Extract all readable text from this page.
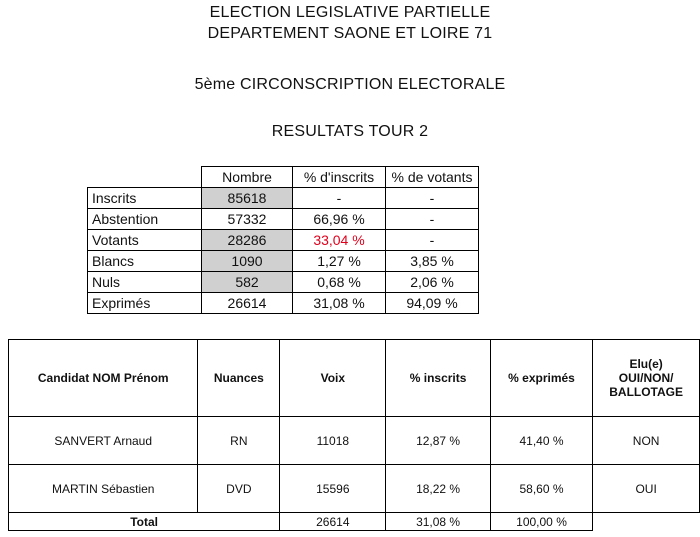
ELECTION LEGISLATIVE PARTIELLE
DEPARTEMENT SAONE ET LOIRE 71
5ème CIRCONSCRIPTION ELECTORALE
RESULTATS TOUR 2
	Nombre	% d'inscrits	% de votants
Inscrits	85618	-	-
Abstention	57332	66,96 %	-
Votants	28286	33,04 %	-
Blancs	1090	1,27 %	3,85 %
Nuls	582	0,68 %	2,06 %
Exprimés	26614	31,08 %	94,09 %
Candidat NOM Prénom	Nuances	Voix	% inscrits	% exprimés	Elu(e)
OUI/NON/
BALLOTAGE
SANVERT Arnaud	RN	11018	12,87 %	41,40 %	NON
MARTIN Sébastien	DVD	15596	18,22 %	58,60 %	OUI
Total		26614	31,08 %	100,00 %	
